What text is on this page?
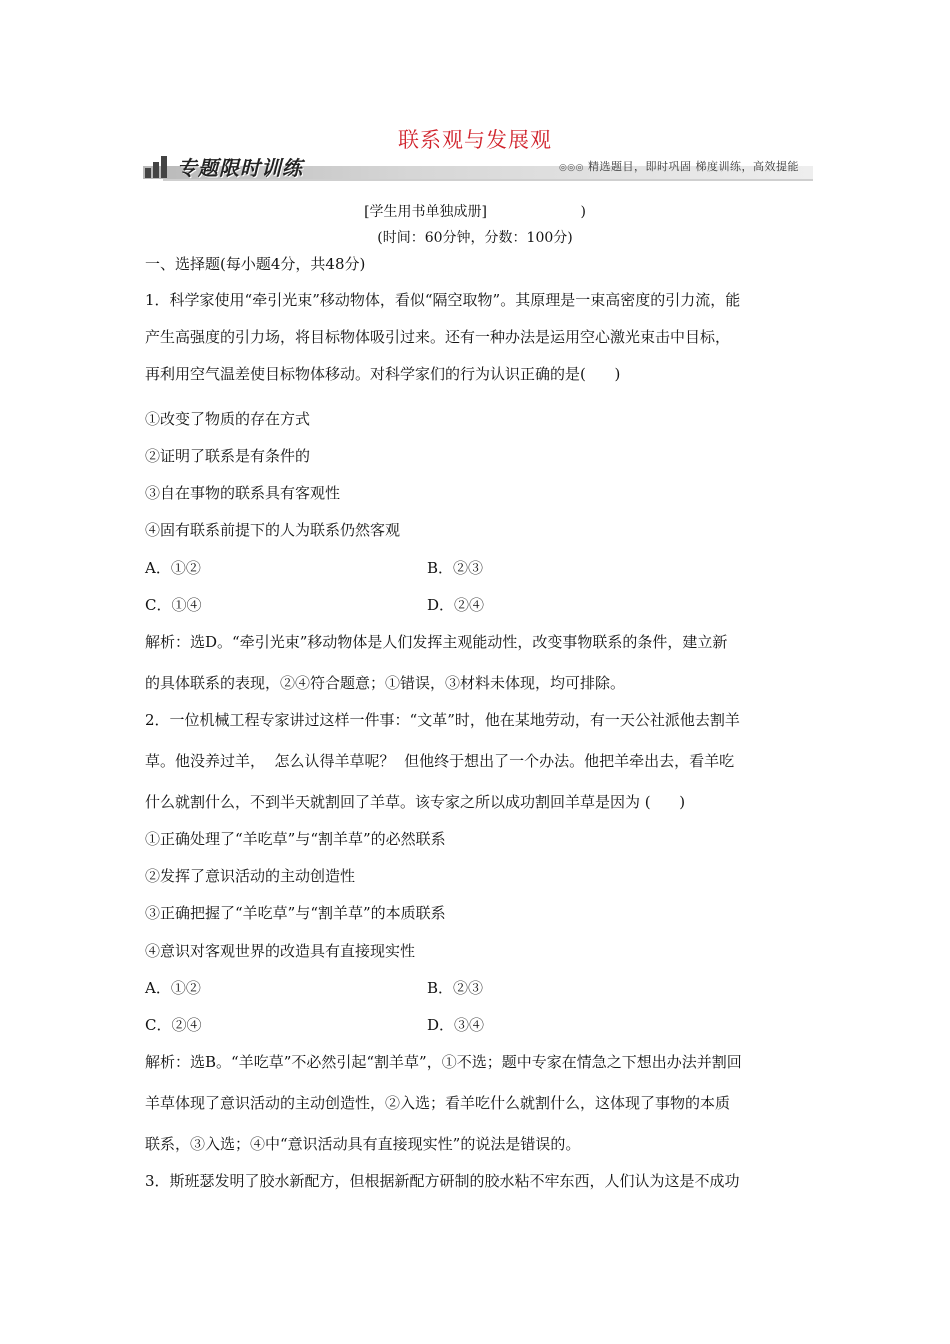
联系观与发展观
专题限时训练	◎◎◎ 精选题目，即时巩固 梯度训练，高效提能
[学生用书单独成册]                     )
(时间：60分钟，分数：100分)
一、选择题(每小题4分，共48分)
1．科学家使用“牵引光束”移动物体，看似“隔空取物”。其原理是一束高密度的引力流，能
产生高强度的引力场，将目标物体吸引过来。还有一种办法是运用空心激光束击中目标，
再利用空气温差使目标物体移动。对科学家们的行为认识正确的是(      )
①改变了物质的存在方式
②证明了联系是有条件的
③自在事物的联系具有客观性
④固有联系前提下的人为联系仍然客观
A．①②	B．②③
C．①④	D．②④
解析：选D。“牵引光束”移动物体是人们发挥主观能动性，改变事物联系的条件，建立新
的具体联系的表现，②④符合题意；①错误，③材料未体现，均可排除。
2．一位机械工程专家讲过这样一件事：“文革”时，他在某地劳动，有一天公社派他去割羊
草。他没养过羊，  怎么认得羊草呢？  但他终于想出了一个办法。他把羊牵出去，看羊吃
什么就割什么，不到半天就割回了羊草。该专家之所以成功割回羊草是因为 (      )
①正确处理了“羊吃草”与“割羊草”的必然联系
②发挥了意识活动的主动创造性
③正确把握了“羊吃草”与“割羊草”的本质联系
④意识对客观世界的改造具有直接现实性
A．①②	B．②③
C．②④	D．③④
解析：选B。“羊吃草”不必然引起“割羊草”，①不选；题中专家在情急之下想出办法并割回
羊草体现了意识活动的主动创造性，②入选；看羊吃什么就割什么，这体现了事物的本质
联系，③入选；④中“意识活动具有直接现实性”的说法是错误的。
3．斯班瑟发明了胶水新配方，但根据新配方研制的胶水粘不牢东西，人们认为这是不成功
